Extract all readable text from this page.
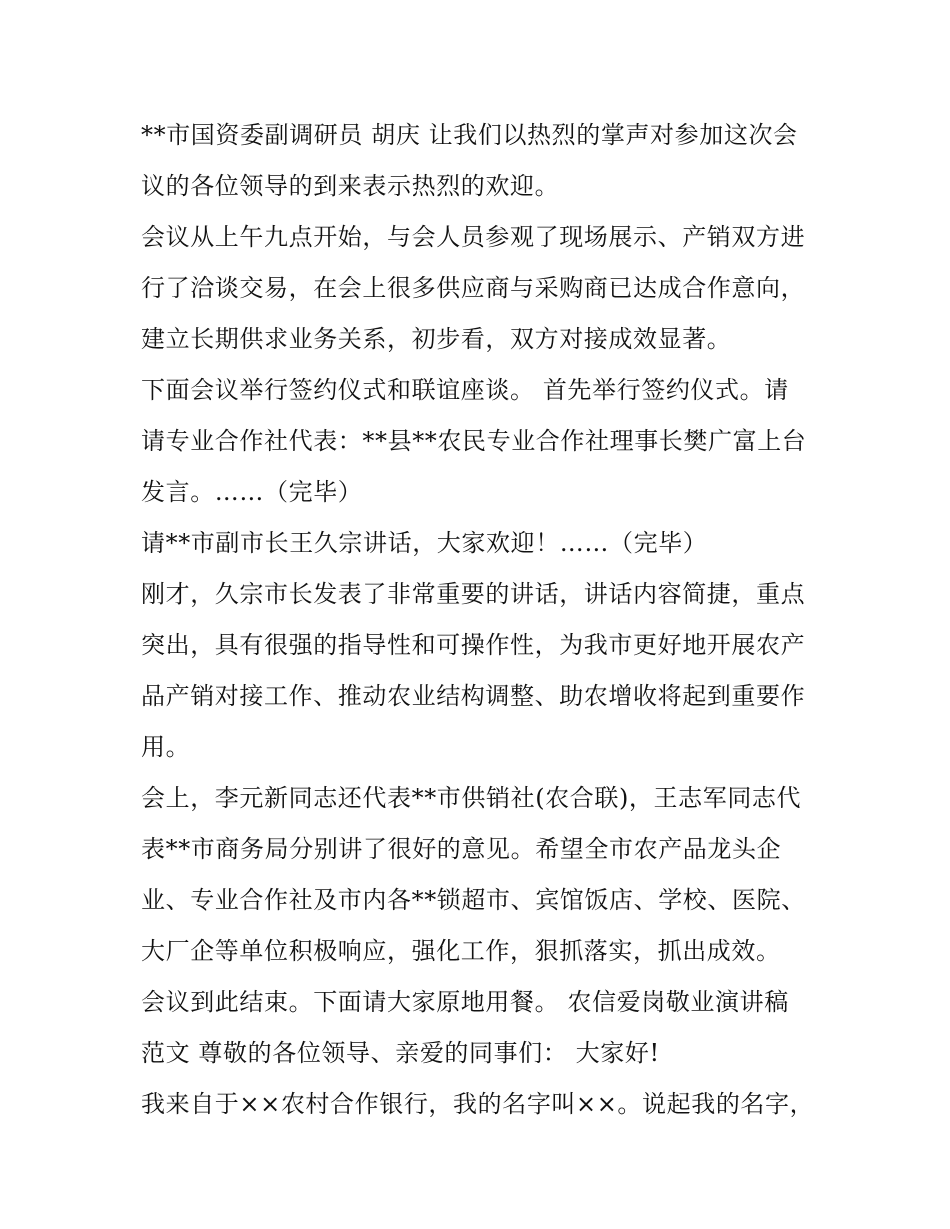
**市国资委副调研员 胡庆 让我们以热烈的掌声对参加这次会
议的各位领导的到来表示热烈的欢迎。
会议从上午九点开始，与会人员参观了现场展示、产销双方进
行了洽谈交易，在会上很多供应商与采购商已达成合作意向，
建立长期供求业务关系，初步看，双方对接成效显著。
下面会议举行签约仪式和联谊座谈。 首先举行签约仪式。请
请专业合作社代表：**县**农民专业合作社理事长樊广富上台
发言。……（完毕）
请**市副市长王久宗讲话，大家欢迎！……（完毕）
刚才，久宗市长发表了非常重要的讲话，讲话内容简捷，重点
突出，具有很强的指导性和可操作性，为我市更好地开展农产
品产销对接工作、推动农业结构调整、助农增收将起到重要作
用。
会上，李元新同志还代表**市供销社(农合联)，王志军同志代
表**市商务局分别讲了很好的意见。希望全市农产品龙头企
业、专业合作社及市内各**锁超市、宾馆饭店、学校、医院、
大厂企等单位积极响应，强化工作，狠抓落实，抓出成效。
会议到此结束。下面请大家原地用餐。 农信爱岗敬业演讲稿
范文 尊敬的各位领导、亲爱的同事们： 大家好!
我来自于××农村合作银行，我的名字叫××。说起我的名字，
